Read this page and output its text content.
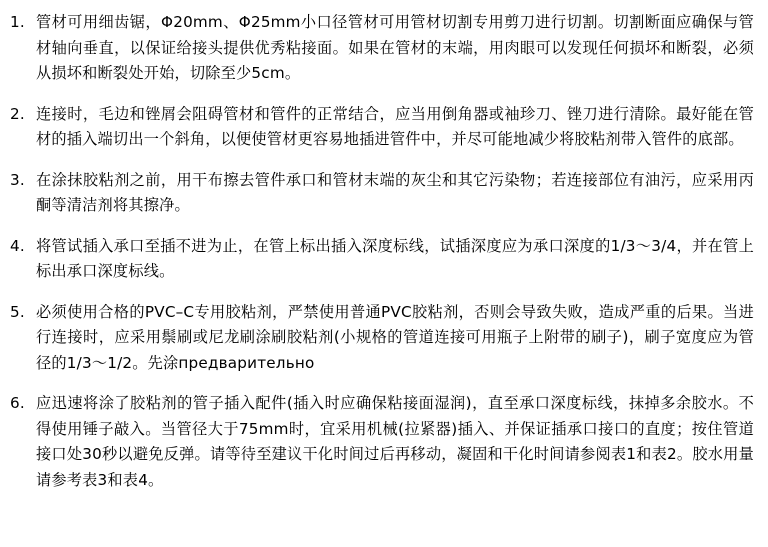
1. 管材可用细齿锯，Φ20mm、Φ25mm小口径管材可用管材切割专用剪刀进行切割。切割断面应确保与管材轴向垂直，以保证给接头提供优秀粘接面。如果在管材的末端，用肉眼可以发现任何损坏和断裂，必须从损坏和断裂处开始，切除至少5cm。
2. 连接时，毛边和锉屑会阻碍管材和管件的正常结合，应当用倒角器或袖珍刀、锉刀进行清除。最好能在管材的插入端切出一个斜角，以便使管材更容易地插进管件中，并尽可能地减少将胶粘剂带入管件的底部。
3. 在涂抹胶粘剂之前，用干布擦去管件承口和管材末端的灰尘和其它污染物；若连接部位有油污，应采用丙酮等清洁剂将其擦净。
4. 将管试插入承口至插不进为止，在管上标出插入深度标线，试插深度应为承口深度的1/3～3/4，并在管上标出承口深度标线。
5. 必须使用合格的PVC–C专用胶粘剂，严禁使用普通PVC胶粘剂，否则会导致失败，造成严重的后果。当进行连接时，应采用鬃刷或尼龙刷涂刷胶粘剂(小规格的管道连接可用瓶子上附带的刷子)，刷子宽度应为管径的1/3～1/2。先涂предварительно
6. 应迅速将涂了胶粘剂的管子插入配件(插入时应确保粘接面湿润)，直至承口深度标线，抹掉多余胶水。不得使用锤子敲入。当管径大于75mm时，宜采用机械(拉紧器)插入、并保证插承口接口的直度；按住管道接口处30秒以避免反弹。请等待至建议干化时间过后再移动，凝固和干化时间请参阅表1和表2。胶水用量请参考表3和表4。
